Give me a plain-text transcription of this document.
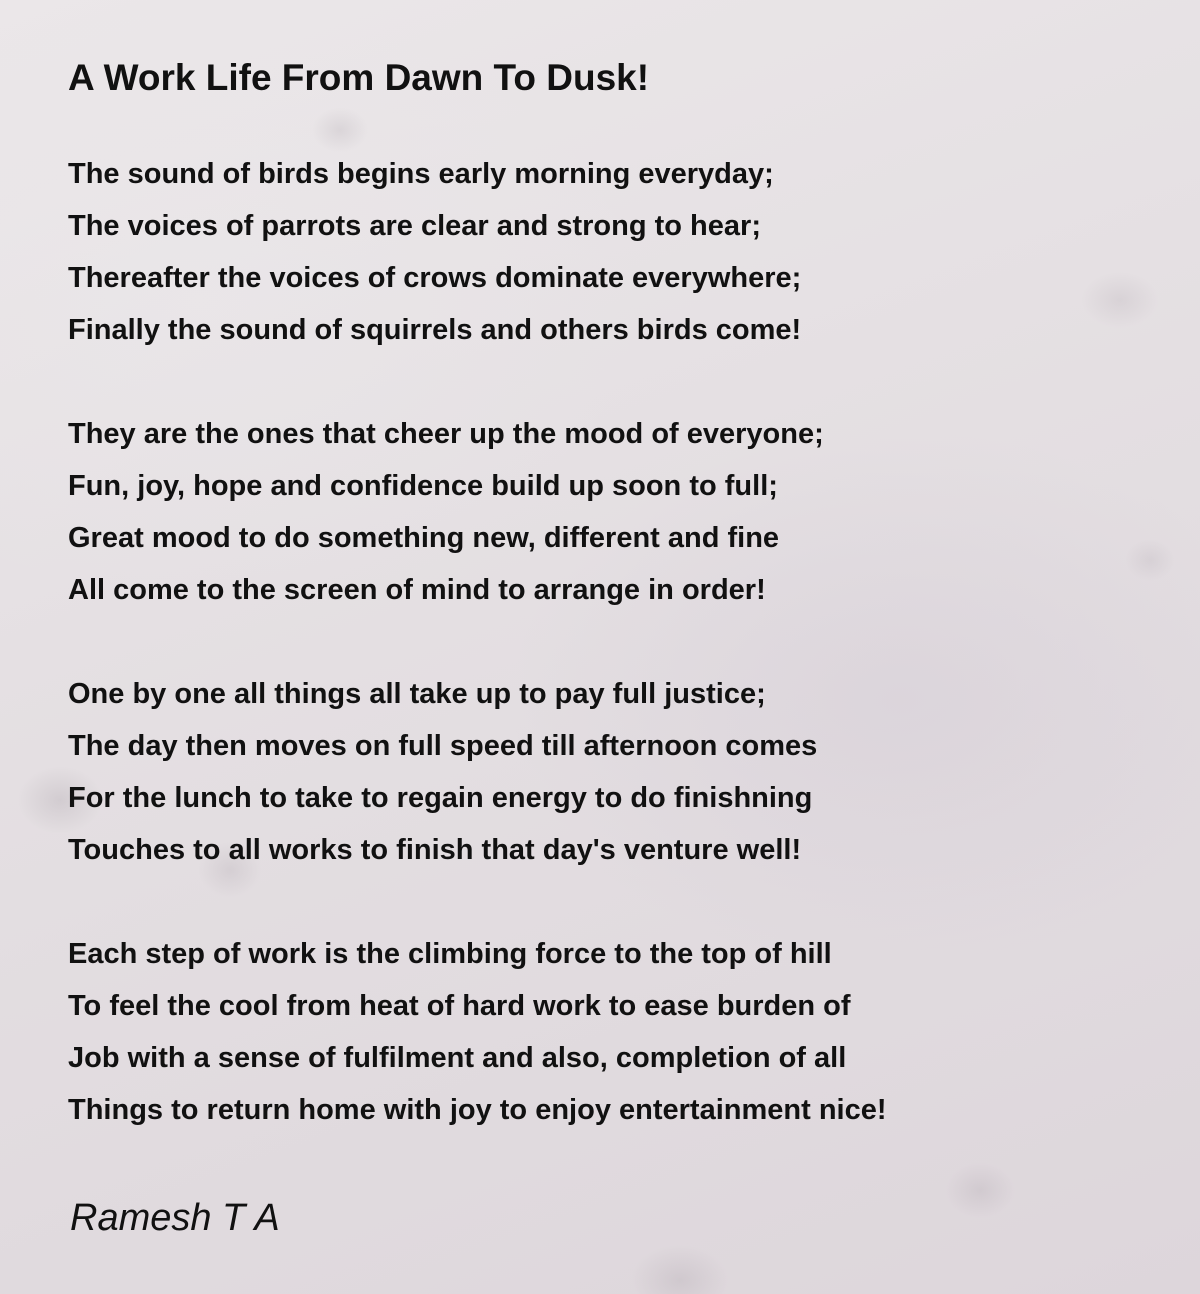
A Work Life From Dawn To Dusk!
The sound of birds begins early morning everyday;
The voices of parrots are clear and strong to hear;
Thereafter the voices of crows dominate everywhere;
Finally the sound of squirrels and others birds come!
They are the ones that cheer up the mood of everyone;
Fun, joy, hope and confidence build up soon to full;
Great mood to do something new, different and fine
All come to the screen of mind to arrange in order!
One by one all things all take up to pay full justice;
The day then moves on full speed till afternoon comes
For the lunch to take to regain energy to do finishning
Touches to all works to finish that day's venture well!
Each step of work is the climbing force to the top of hill
To feel the cool from heat of hard work to ease burden of
Job with a sense of fulfilment and also, completion of all
Things to return home with joy to enjoy entertainment nice!

Ramesh T A
